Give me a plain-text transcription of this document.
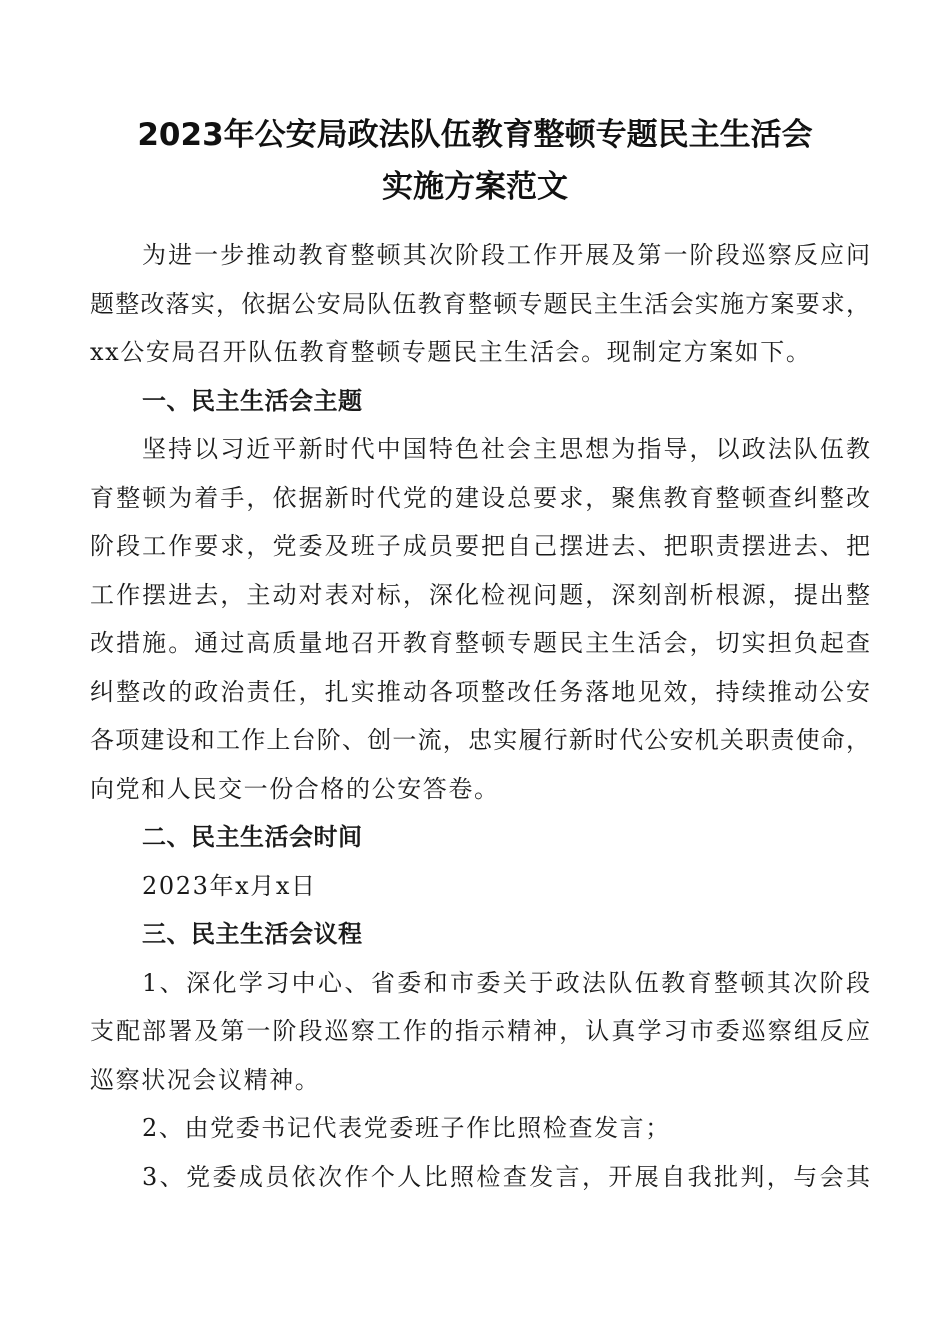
2023年公安局政法队伍教育整顿专题民主生活会
实施方案范文
为进一步推动教育整顿其次阶段工作开展及第一阶段巡察反应问
题整改落实，依据公安局队伍教育整顿专题民主生活会实施方案要求，
xx公安局召开队伍教育整顿专题民主生活会。现制定方案如下。
一、民主生活会主题
坚持以习近平新时代中国特色社会主思想为指导，以政法队伍教
育整顿为着手，依据新时代党的建设总要求，聚焦教育整顿查纠整改
阶段工作要求，党委及班子成员要把自己摆进去、把职责摆进去、把
工作摆进去，主动对表对标，深化检视问题，深刻剖析根源，提出整
改措施。通过高质量地召开教育整顿专题民主生活会，切实担负起查
纠整改的政治责任，扎实推动各项整改任务落地见效，持续推动公安
各项建设和工作上台阶、创一流，忠实履行新时代公安机关职责使命，
向党和人民交一份合格的公安答卷。
二、民主生活会时间
2023年x月x日
三、民主生活会议程
1、深化学习中心、省委和市委关于政法队伍教育整顿其次阶段
支配部署及第一阶段巡察工作的指示精神，认真学习市委巡察组反应
巡察状况会议精神。
2、由党委书记代表党委班子作比照检查发言；
3、党委成员依次作个人比照检查发言，开展自我批判，与会其
